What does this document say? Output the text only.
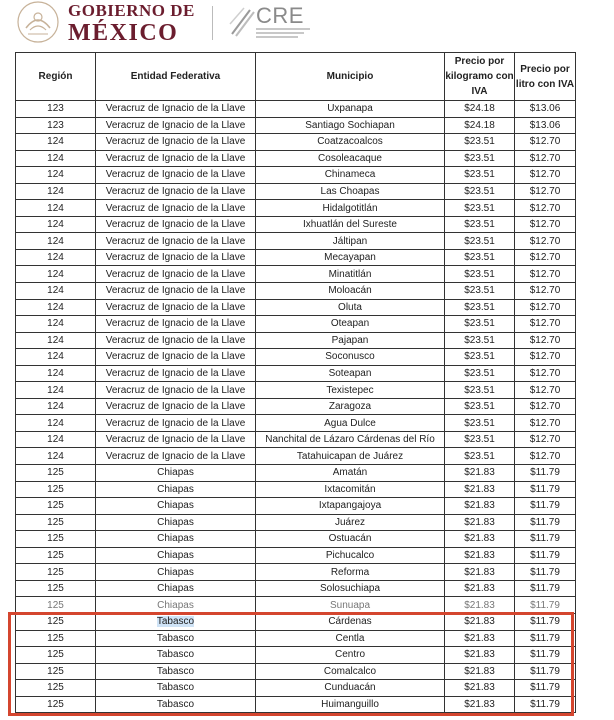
GOBIERNO DE
MÉXICO
CRE
Región	Entidad Federativa	Municipio	Precio por kilogramo con IVA	Precio por litro con IVA
123	Veracruz de Ignacio de la Llave	Uxpanapa	$24.18	$13.06
123	Veracruz de Ignacio de la Llave	Santiago Sochiapan	$24.18	$13.06
124	Veracruz de Ignacio de la Llave	Coatzacoalcos	$23.51	$12.70
124	Veracruz de Ignacio de la Llave	Cosoleacaque	$23.51	$12.70
124	Veracruz de Ignacio de la Llave	Chinameca	$23.51	$12.70
124	Veracruz de Ignacio de la Llave	Las Choapas	$23.51	$12.70
124	Veracruz de Ignacio de la Llave	Hidalgotitlán	$23.51	$12.70
124	Veracruz de Ignacio de la Llave	Ixhuatlán del Sureste	$23.51	$12.70
124	Veracruz de Ignacio de la Llave	Jáltipan	$23.51	$12.70
124	Veracruz de Ignacio de la Llave	Mecayapan	$23.51	$12.70
124	Veracruz de Ignacio de la Llave	Minatitlán	$23.51	$12.70
124	Veracruz de Ignacio de la Llave	Moloacán	$23.51	$12.70
124	Veracruz de Ignacio de la Llave	Oluta	$23.51	$12.70
124	Veracruz de Ignacio de la Llave	Oteapan	$23.51	$12.70
124	Veracruz de Ignacio de la Llave	Pajapan	$23.51	$12.70
124	Veracruz de Ignacio de la Llave	Soconusco	$23.51	$12.70
124	Veracruz de Ignacio de la Llave	Soteapan	$23.51	$12.70
124	Veracruz de Ignacio de la Llave	Texistepec	$23.51	$12.70
124	Veracruz de Ignacio de la Llave	Zaragoza	$23.51	$12.70
124	Veracruz de Ignacio de la Llave	Agua Dulce	$23.51	$12.70
124	Veracruz de Ignacio de la Llave	Nanchital de Lázaro Cárdenas del Río	$23.51	$12.70
124	Veracruz de Ignacio de la Llave	Tatahuicapan de Juárez	$23.51	$12.70
125	Chiapas	Amatán	$21.83	$11.79
125	Chiapas	Ixtacomitán	$21.83	$11.79
125	Chiapas	Ixtapangajoya	$21.83	$11.79
125	Chiapas	Juárez	$21.83	$11.79
125	Chiapas	Ostuacán	$21.83	$11.79
125	Chiapas	Pichucalco	$21.83	$11.79
125	Chiapas	Reforma	$21.83	$11.79
125	Chiapas	Solosuchiapa	$21.83	$11.79
125	Chiapas	Sunuapa	$21.83	$11.79
125	Tabasco	Cárdenas	$21.83	$11.79
125	Tabasco	Centla	$21.83	$11.79
125	Tabasco	Centro	$21.83	$11.79
125	Tabasco	Comalcalco	$21.83	$11.79
125	Tabasco	Cunduacán	$21.83	$11.79
125	Tabasco	Huimanguillo	$21.83	$11.79
